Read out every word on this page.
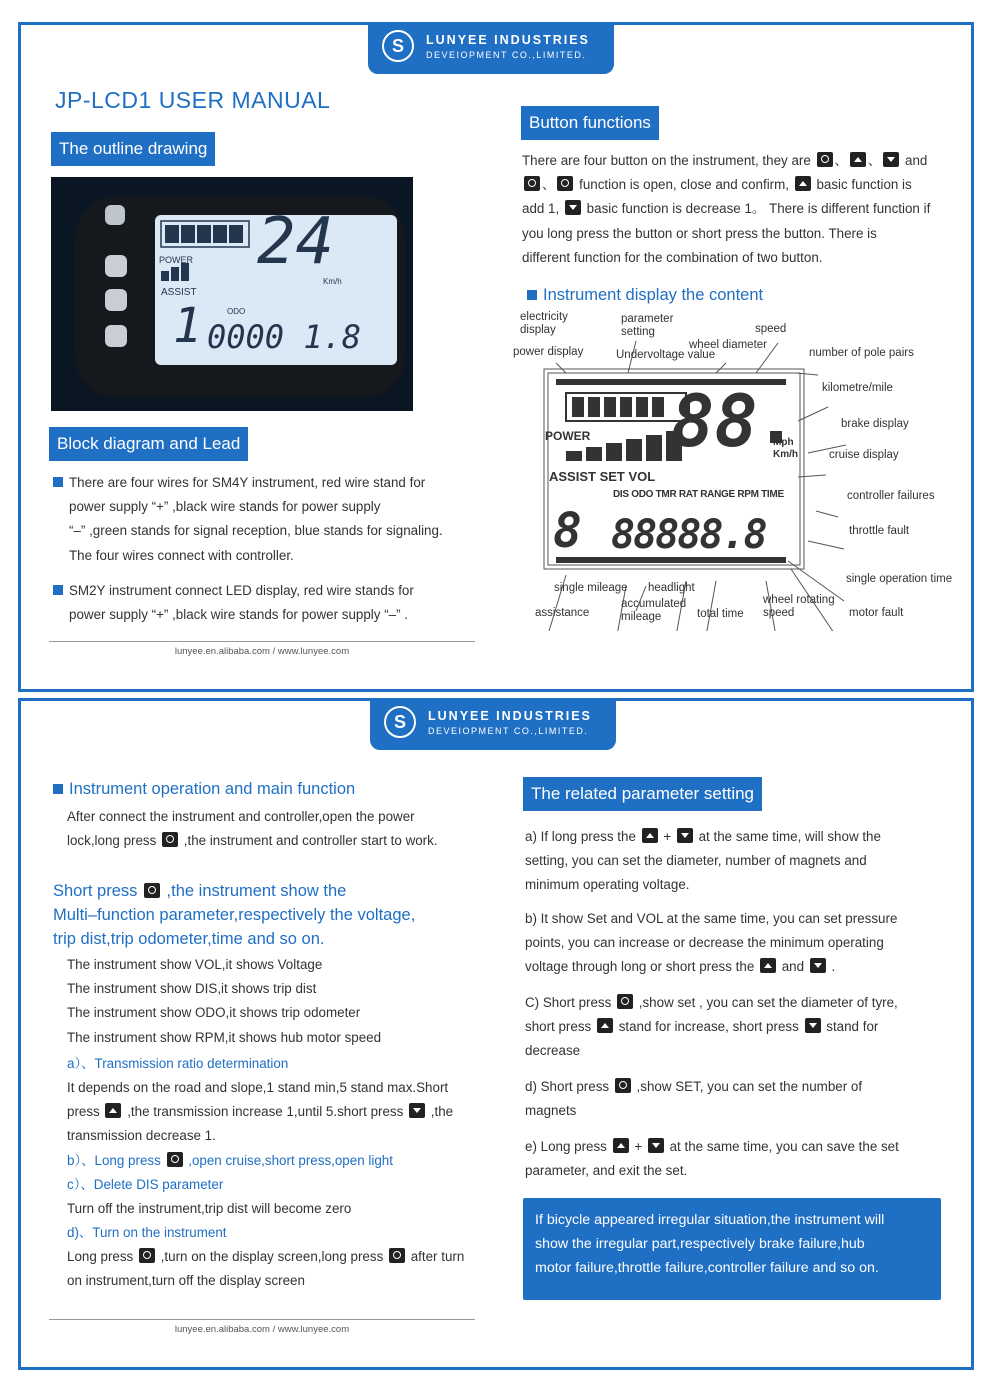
S	LUNYEE INDUSTRIES
DEVEIOPMENT CO.,LIMITED.
JP-LCD1 USER MANUAL
The outline drawing
POWER
ASSIST
ODO
24
Km/h
1 0000 1.8
Block diagram and Lead
There are four wires for SM4Y instrument, red wire stand for
power supply “+” ,black wire stands for power supply
“–” ,green stands for signal reception, blue stands for signaling.
The four wires connect with controller.
SM2Y instrument connect LED display, red wire stands for
power supply “+” ,black wire stands for power supply “–” .
lunyee.en.alibaba.com / www.lunyee.com
Button functions
There are four button on the instrument, they are 、 、 and
、 function is open, close and confirm,  basic function is
add 1,  basic function is decrease 1。 There is different function if
you long press the button or short press the button. There is
different function for the combination of two button.
Instrument display the content
POWER
ASSIST SET VOL
DIS ODO TMR RAT RANGE RPM TIME
88 Mph
Km/h
8 88888.8
electricity
display
parameter
setting	speed
power display	Undervoltage value
wheel diameter
number of pole pairs
kilometre/mile
brake display
cruise display
controller failures
throttle fault
single operation time
motor fault
single mileage headlight
assistance
accumulated
mileage	total time
wheel rotating
speed
S	LUNYEE INDUSTRIES
DEVEIOPMENT CO.,LIMITED.
Instrument operation and main function
After connect the instrument and controller,open the power
lock,long press  ,the instrument and controller start to work.
Short press  ,the instrument show the
Multi–function parameter,respectively the voltage,
trip dist,trip odometer,time and so on.
The instrument show VOL,it shows Voltage
The instrument show DIS,it shows trip dist
The instrument show ODO,it shows trip odometer
The instrument show RPM,it shows hub motor speed
a）、Transmission ratio determination
It depends on the road and slope,1 stand min,5 stand max.Short
press  ,the transmission increase 1,until 5.short press  ,the
transmission decrease 1.
b）、Long press  ,open cruise,short press,open light
c）、Delete DIS parameter
Turn off the instrument,trip dist will become zero
d)、Turn on the instrument
Long press  ,turn on the display screen,long press  after turn
on instrument,turn off the display screen
lunyee.en.alibaba.com / www.lunyee.com
The related parameter setting
a) If long press the  +  at the same time, will show the
setting, you can set the diameter, number of magnets and
minimum operating voltage.
b) It show Set and VOL at the same time, you can set pressure
points, you can increase or decrease the minimum operating
voltage through long or short press the  and  .
C) Short press  ,show set , you can set the diameter of tyre,
short press  stand for increase, short press  stand for
decrease
d) Short press  ,show SET, you can set the number of
magnets
e) Long press  +  at the same time, you can save the set
parameter, and exit the set.
If bicycle appeared irregular situation,the instrument will
show the irregular part,respectively brake failure,hub
motor failure,throttle failure,controller failure and so on.
